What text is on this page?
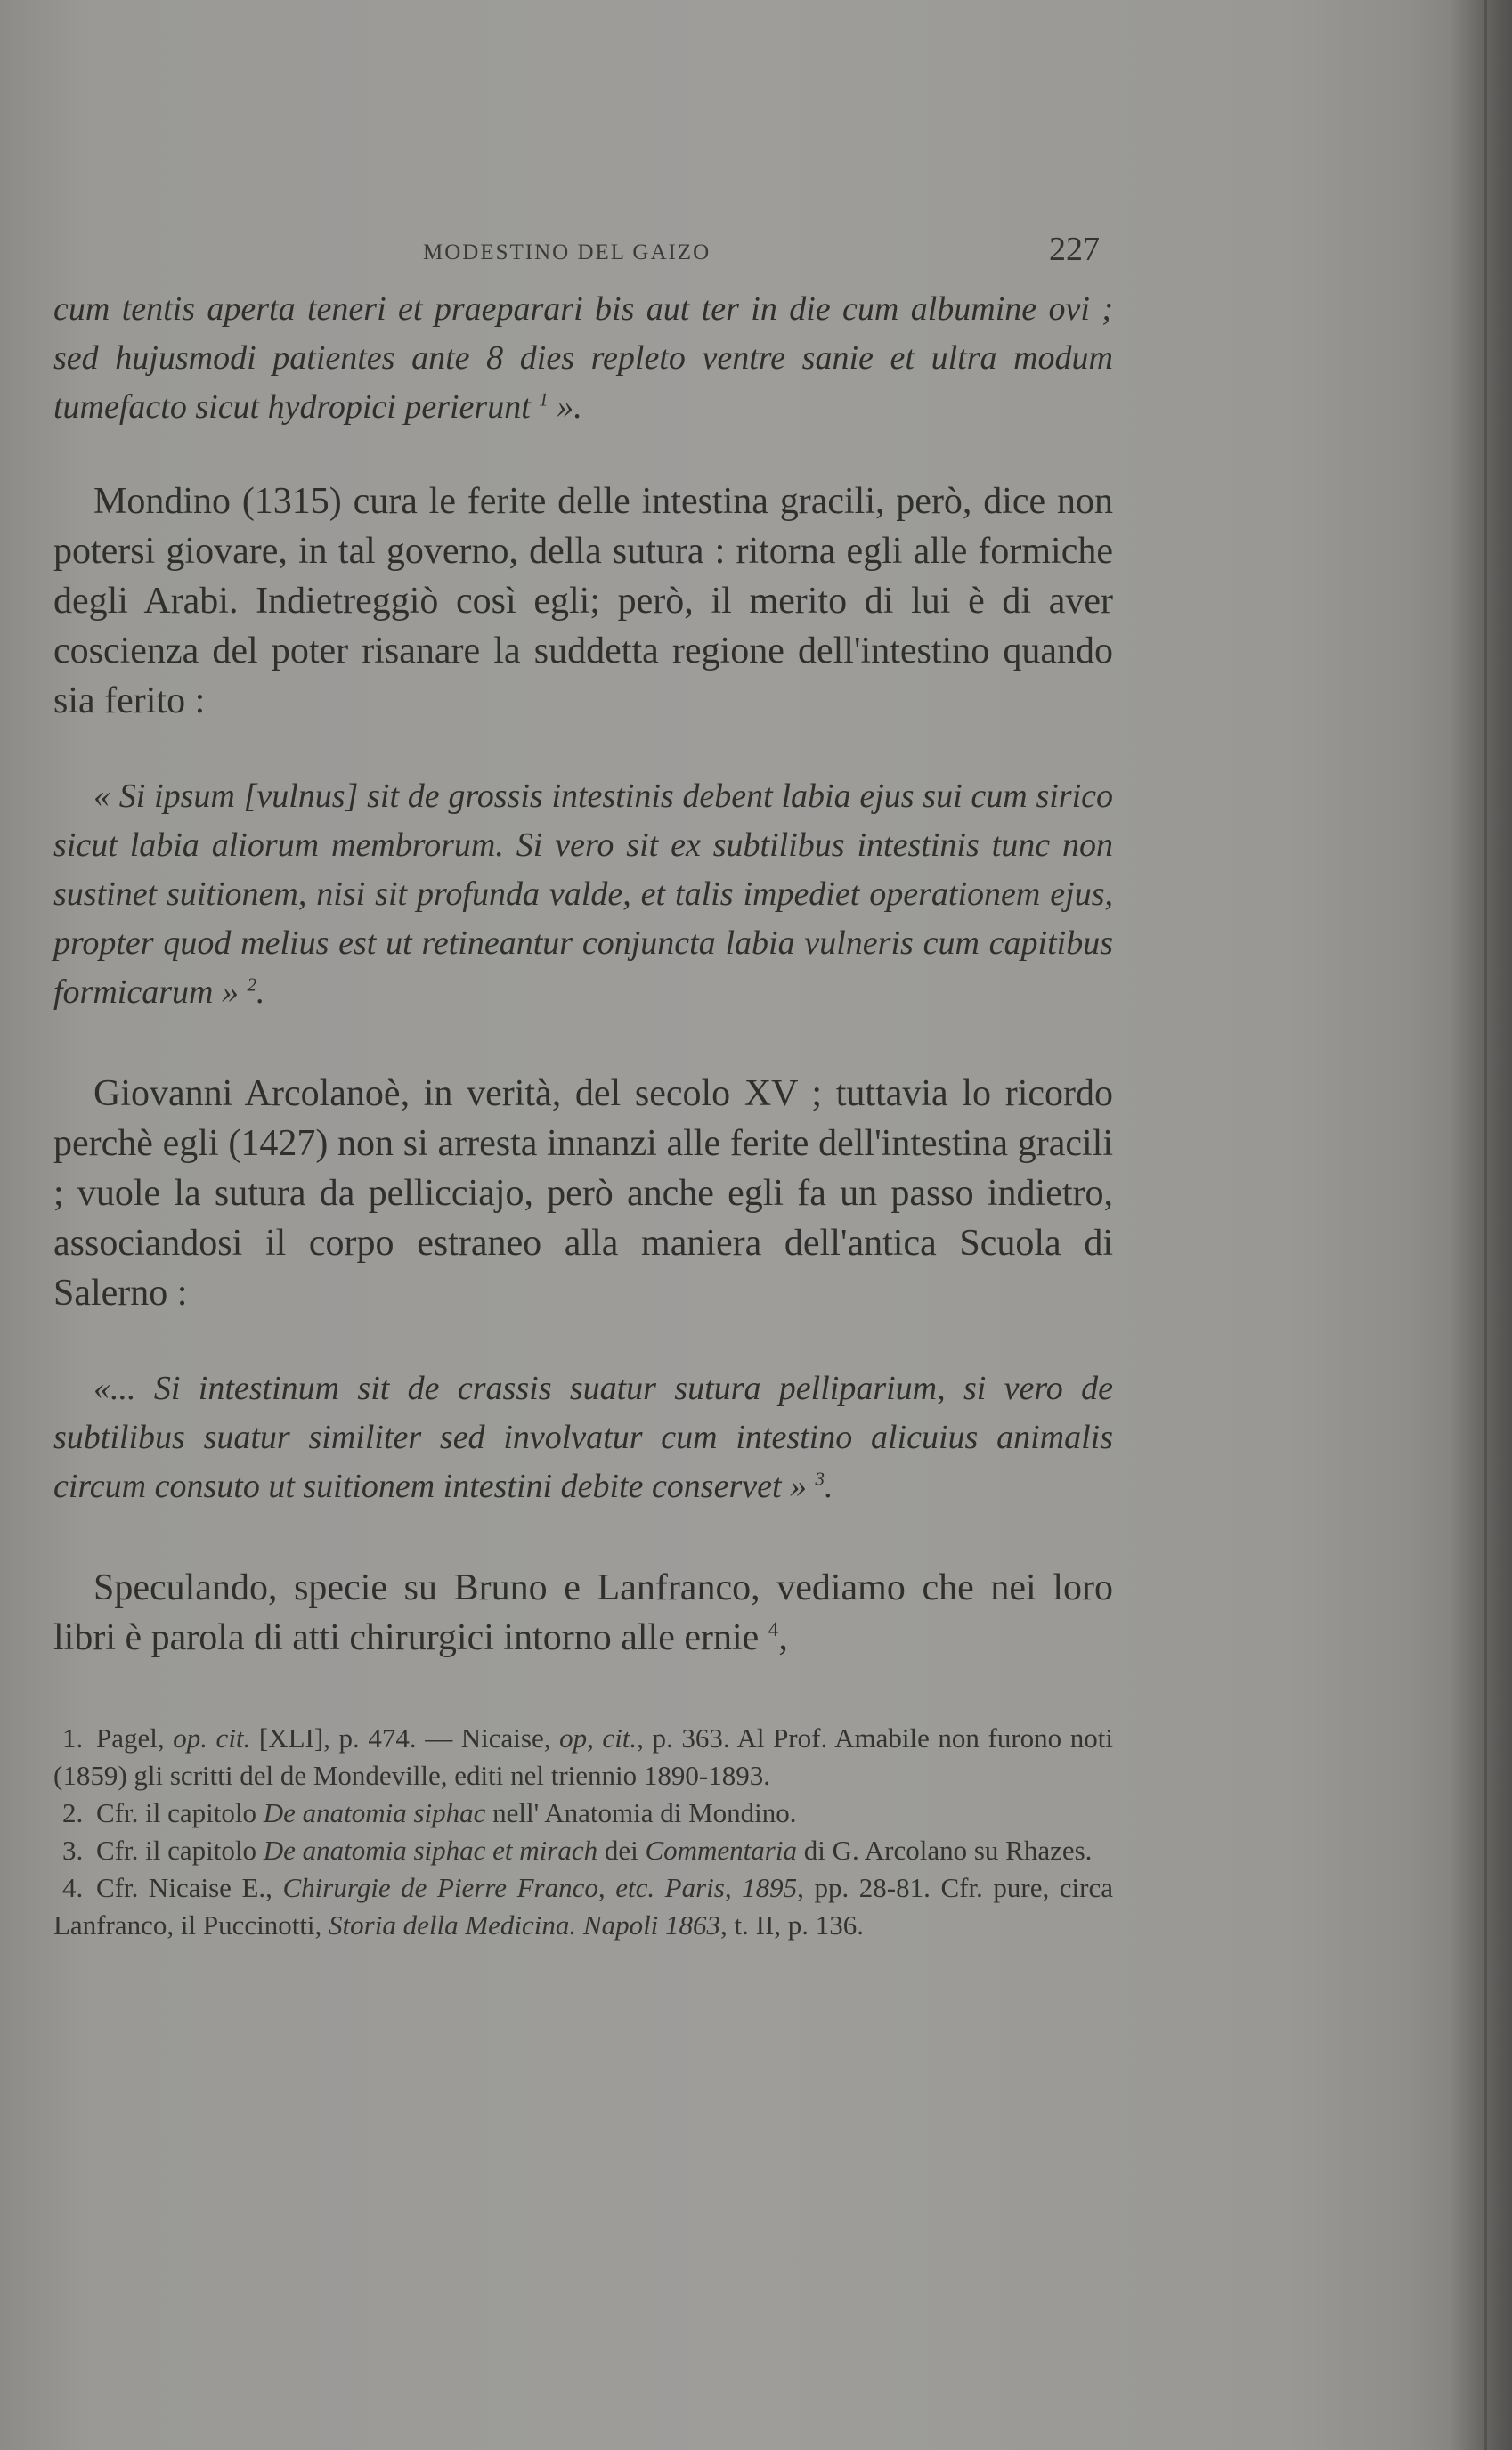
MODESTINO DEL GAIZO	227

cum tentis aperta teneri et praeparari bis aut ter in die cum albumine ovi ; sed hujusmodi patientes ante 8 dies repleto ventre sanie et ultra modum tumefacto sicut hydropici perierunt $^1$ ».

Mondino (1315) cura le ferite delle intestina gracili, però, dice non potersi giovare, in tal governo, della sutura : ritorna egli alle formiche degli Arabi. Indietreggiò così egli; però, il merito di lui è di aver coscienza del poter risanare la suddetta regione dell'intestino quando sia ferito :

« Si ipsum [vulnus] sit de grossis intestinis debent labia ejus sui cum sirico sicut labia aliorum membrorum. Si vero sit ex subtilibus intestinis tunc non sustinet suitionem, nisi sit profunda valde, et talis impediet operationem ejus, propter quod melius est ut retineantur conjuncta labia vulneris cum capitibus formicarum » $^2$.

Giovanni Arcolanoè, in verità, del secolo XV ; tuttavia lo ricordo perchè egli (1427) non si arresta innanzi alle ferite dell'intestina gracili ; vuole la sutura da pellicciajo, però anche egli fa un passo indietro, associandosi il corpo estraneo alla maniera dell'antica Scuola di Salerno :

«... Si intestinum sit de crassis suatur sutura pelliparium, si vero de subtilibus suatur similiter sed involvatur cum intestino alicuius animalis circum consuto ut suitionem intestini debite conservet » $^3$.

Speculando, specie su Bruno e Lanfranco, vediamo che nei loro libri è parola di atti chirurgici intorno alle ernie $^4$,

1. Pagel, op. cit. [XLI], p. 474. — Nicaise, op, cit., p. 363. Al Prof. Amabile non furono noti (1859) gli scritti del de Mondeville, editi nel triennio 1890-1893.

2. Cfr. il capitolo De anatomia siphac nell' Anatomia di Mondino.

3. Cfr. il capitolo De anatomia siphac et mirach dei Commentaria di G. Arcolano su Rhazes.

4. Cfr. Nicaise E., Chirurgie de Pierre Franco, etc. Paris, 1895, pp. 28-81. Cfr. pure, circa Lanfranco, il Puccinotti, Storia della Medicina. Napoli 1863, t. II, p. 136.
